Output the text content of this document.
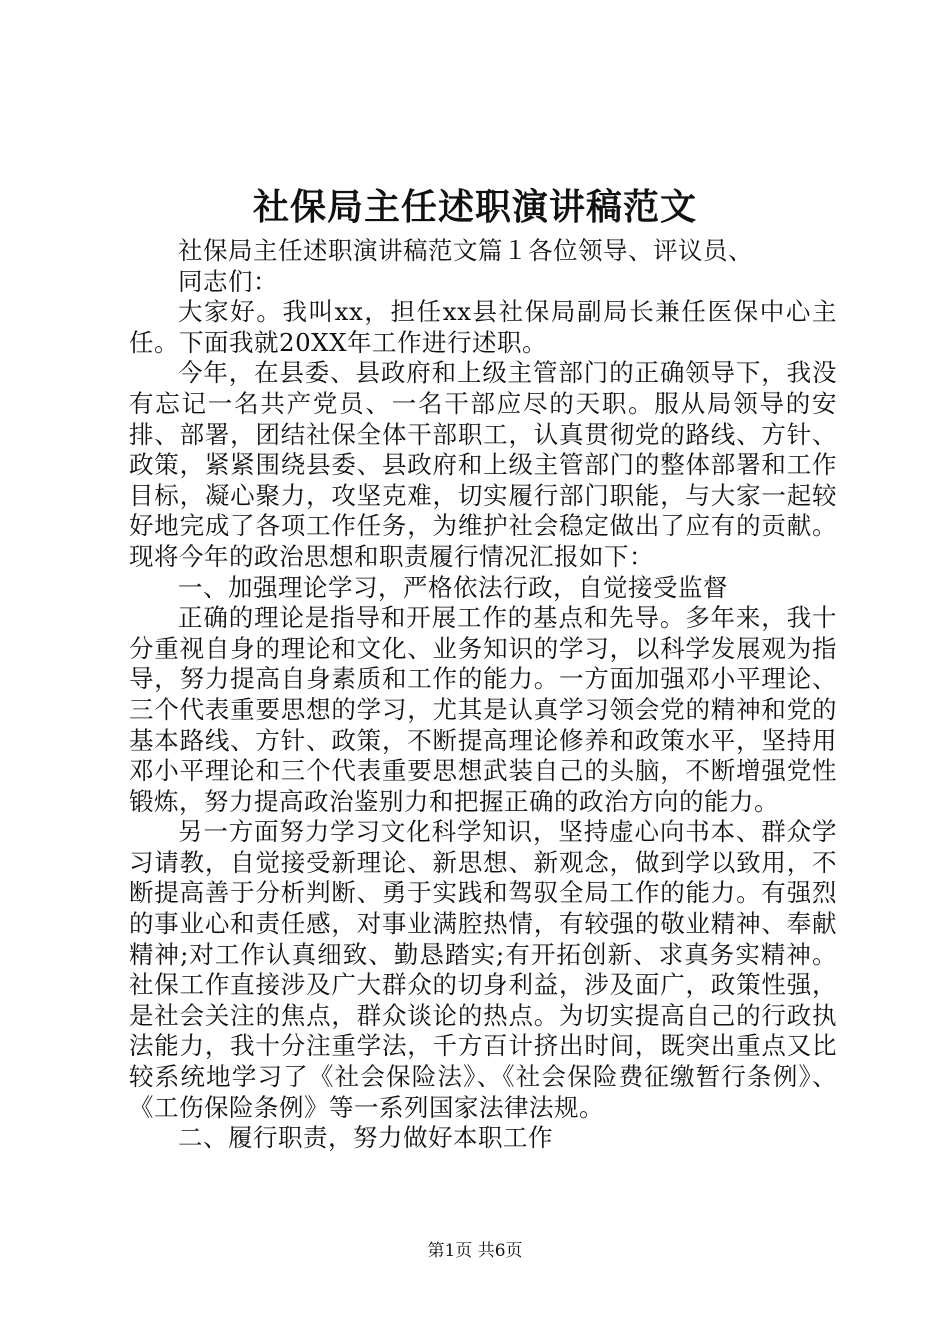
社保局主任述职演讲稿范文

社保局主任述职演讲稿范文篇１各位领导、评议员、

同志们：

大家好。我叫xx，担任xx县社保局副局长兼任医保中心主任。下面我就20XX年工作进行述职。

今年，在县委、县政府和上级主管部门的正确领导下，我没有忘记一名共产党员、一名干部应尽的天职。服从局领导的安排、部署，团结社保全体干部职工，认真贯彻党的路线、方针、政策，紧紧围绕县委、县政府和上级主管部门的整体部署和工作目标，凝心聚力，攻坚克难，切实履行部门职能，与大家一起较好地完成了各项工作任务，为维护社会稳定做出了应有的贡献。现将今年的政治思想和职责履行情况汇报如下：

一、加强理论学习，严格依法行政，自觉接受监督

正确的理论是指导和开展工作的基点和先导。多年来，我十分重视自身的理论和文化、业务知识的学习，以科学发展观为指导，努力提高自身素质和工作的能力。一方面加强邓小平理论、三个代表重要思想的学习，尤其是认真学习领会党的精神和党的基本路线、方针、政策，不断提高理论修养和政策水平，坚持用邓小平理论和三个代表重要思想武装自己的头脑，不断增强党性锻炼，努力提高政治鉴别力和把握正确的政治方向的能力。

另一方面努力学习文化科学知识，坚持虚心向书本、群众学习请教，自觉接受新理论、新思想、新观念，做到学以致用，不断提高善于分析判断、勇于实践和驾驭全局工作的能力。有强烈的事业心和责任感，对事业满腔热情，有较强的敬业精神、奉献精神;对工作认真细致、勤恳踏实;有开拓创新、求真务实精神。社保工作直接涉及广大群众的切身利益，涉及面广，政策性强，是社会关注的焦点，群众谈论的热点。为切实提高自己的行政执法能力，我十分注重学法，千方百计挤出时间，既突出重点又比较系统地学习了《社会保险法》、《社会保险费征缴暂行条例》、《工伤保险条例》等一系列国家法律法规。

二、履行职责，努力做好本职工作

第1页 共6页
